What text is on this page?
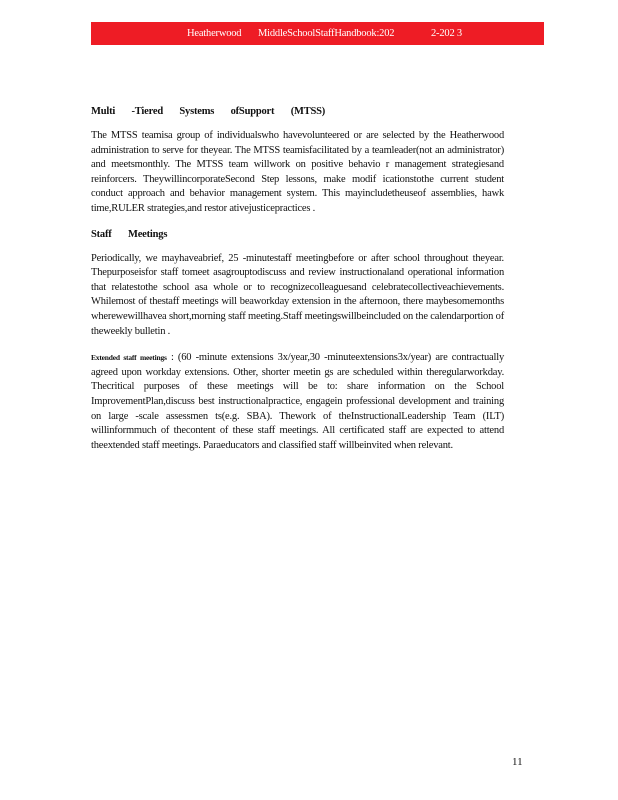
Heatherwood MiddleSchoolStaffHandbook:202	2-202 3
Multi -Tiered Systems ofSupport (MTSS)

The MTSS teamisa group of individualswho havevolunteered or are selected by the Heatherwood administration to serve for theyear. The MTSS teamisfacilitated by a teamleader(not an administrator) and meetsmonthly. The MTSS team willwork on positive behavio r management strategiesand reinforcers. TheywillincorporateSecond Step lessons, make modif icationstothe current student conduct approach and behavior management system. This mayincludetheuseof assemblies, hawk time,RULER strategies,and restor ativejusticepractices .

Staff Meetings

Periodically, we mayhaveabrief, 25 -minutestaff meetingbefore or after school throughout theyear. Thepurposeisfor staff tomeet asagrouptodiscuss and review instructionaland operational information that relatestothe school asa whole or to recognizecolleaguesand celebratecollectiveachievements. Whilemost of thestaff meetings will beaworkday extension in the afternoon, there maybesomemonths wherewewillhavea short,morning staff meeting.Staff meetingswillbeincluded on the calendarportion of theweekly bulletin .

Extended staff meetings : (60 -minute extensions 3x/year,30 -minuteextensions3x/year) are contractually agreed upon workday extensions. Other, shorter meetin gs are scheduled within theregularworkday. Thecritical purposes of these meetings will be to: share information on the School ImprovementPlan,discuss best instructionalpractice, engagein professional development and training on large -scale assessmen ts(e.g. SBA). Thework of theInstructionalLeadership Team (ILT) willinformmuch of thecontent of these staff meetings. All certificated staff are expected to attend theextended staff meetings. Paraeducators and classified staff willbeinvited when relevant.

11
